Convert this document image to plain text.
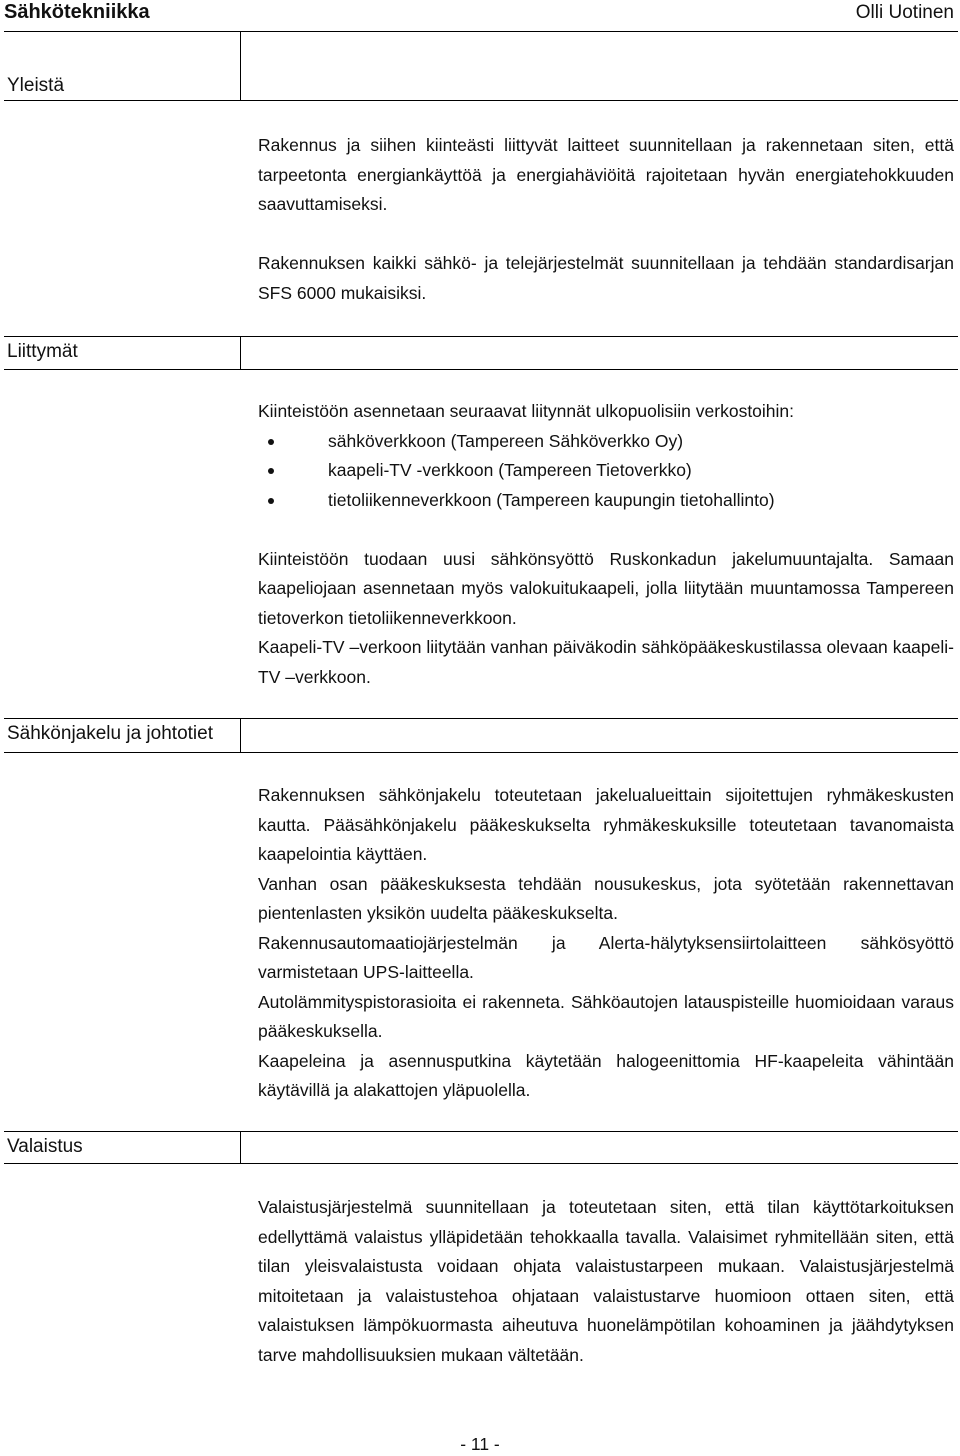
Sähkötekniikka	Olli Uotinen
Yleistä

Rakennus ja siihen kiinteästi liittyvät laitteet suunnitellaan ja rakennetaan siten, että tarpeetonta energiankäyttöä ja energiahäviöitä rajoitetaan hyvän energiatehokkuuden saavuttamiseksi.

Rakennuksen kaikki sähkö- ja telejärjestelmät suunnitellaan ja tehdään standardisarjan SFS 6000 mukaisiksi.

Liittymät

Kiinteistöön asennetaan seuraavat liitynnät ulkopuolisiin verkostoihin:

sähköverkkoon (Tampereen Sähköverkko Oy)
kaapeli-TV -verkkoon (Tampereen Tietoverkko)
tietoliikenneverkkoon (Tampereen kaupungin tietohallinto)

Kiinteistöön tuodaan uusi sähkönsyöttö Ruskonkadun jakelumuuntajalta. Samaan kaapeliojaan asennetaan myös valokuitukaapeli, jolla liitytään muuntamossa Tampereen tietoverkon tietoliikenneverkkoon.

Kaapeli-TV –verkoon liitytään vanhan päiväkodin sähköpääkeskustilassa olevaan kaapeli-TV –verkkoon.

Sähkönjakelu ja johtotiet

Rakennuksen sähkönjakelu toteutetaan jakelualueittain sijoitettujen ryhmäkeskusten kautta. Pääsähkönjakelu pääkeskukselta ryhmäkeskuksille toteutetaan tavanomaista kaapelointia käyttäen.

Vanhan osan pääkeskuksesta tehdään nousukeskus, jota syötetään rakennettavan pientenlasten yksikön uudelta pääkeskukselta.

Rakennusautomaatiojärjestelmän ja Alerta-hälytyksensiirtolaitteen sähkösyöttö varmistetaan UPS-laitteella.

Autolämmityspistorasioita ei rakenneta. Sähköautojen latauspisteille huomioidaan varaus pääkeskuksella.

Kaapeleina ja asennusputkina käytetään halogeenittomia HF-kaapeleita vähintään käytävillä ja alakattojen yläpuolella.

Valaistus

Valaistusjärjestelmä suunnitellaan ja toteutetaan siten, että tilan käyttötarkoituksen edellyttämä valaistus ylläpidetään tehokkaalla tavalla. Valaisimet ryhmitellään siten, että tilan yleisvalaistusta voidaan ohjata valaistustarpeen mukaan. Valaistusjärjestelmä mitoitetaan ja valaistustehoa ohjataan valaistustarve huomioon ottaen siten, että valaistuksen lämpökuormasta aiheutuva huonelämpötilan kohoaminen ja jäähdytyksen tarve mahdollisuuksien mukaan vältetään.

- 11 -
